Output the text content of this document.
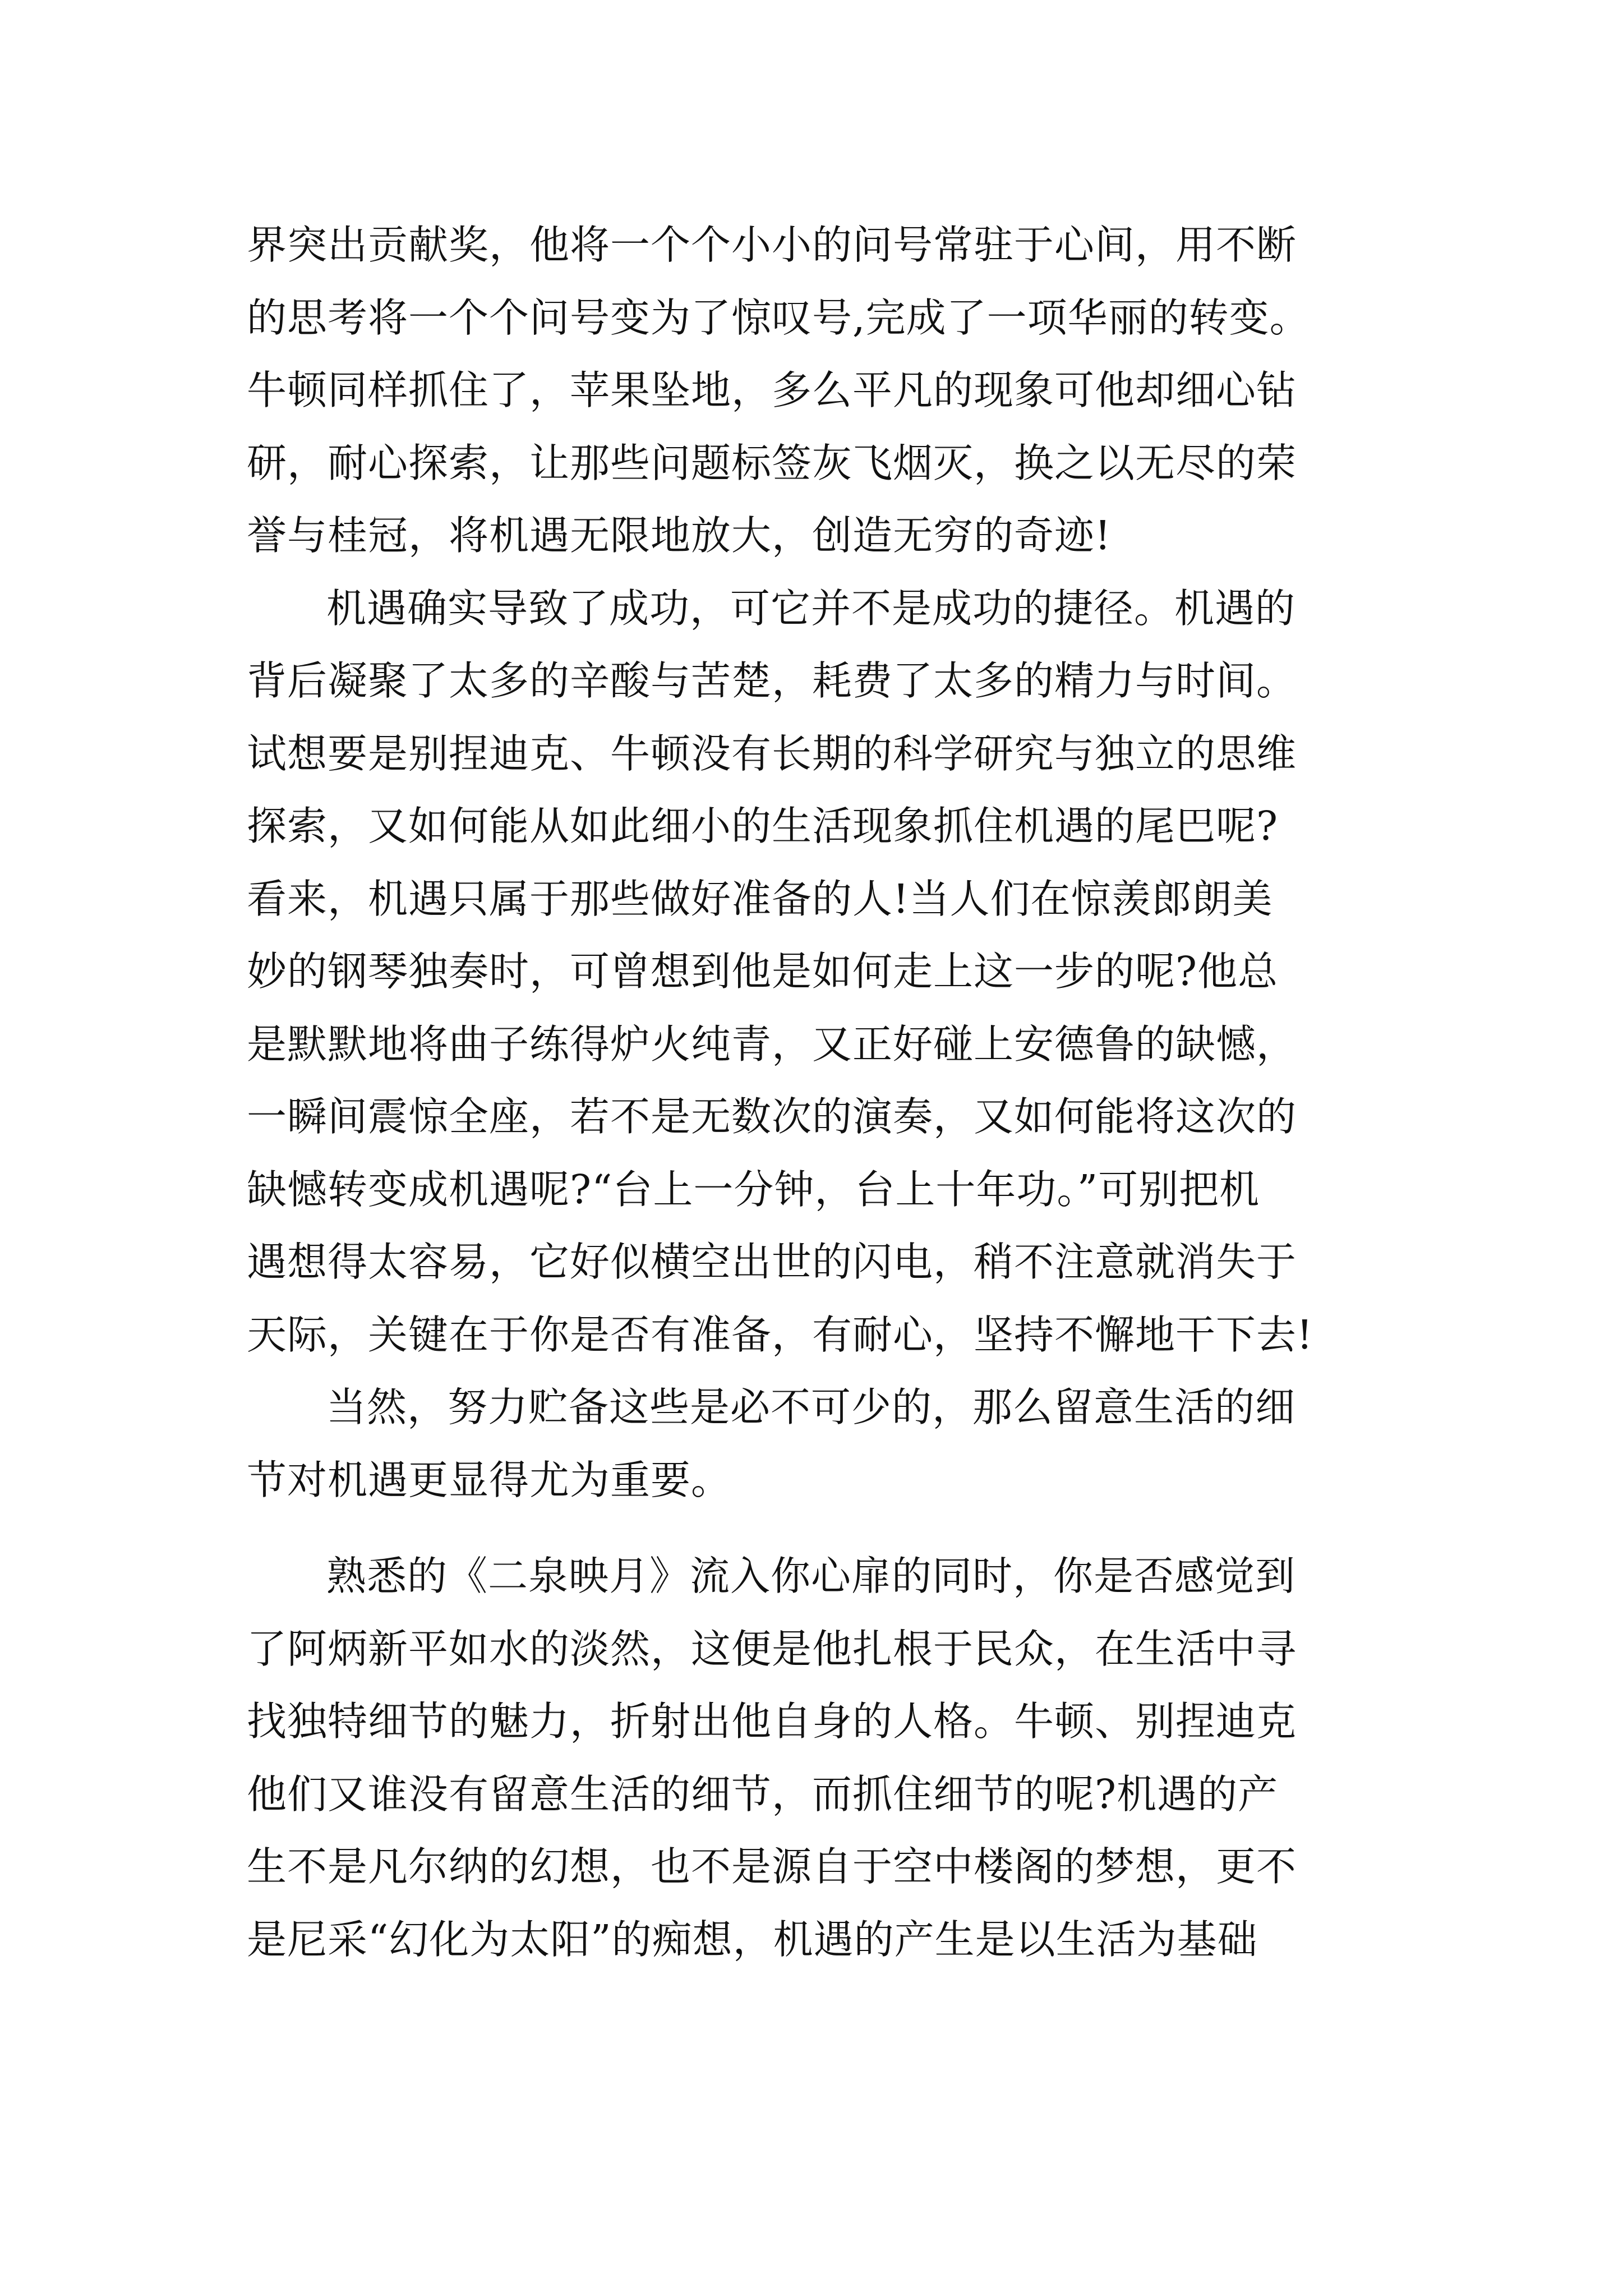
界突出贡献奖，他将一个个小小的问号常驻于心间，用不断
的思考将一个个问号变为了惊叹号,完成了一项华丽的转变。
牛顿同样抓住了，苹果坠地，多么平凡的现象可他却细心钻
研，耐心探索，让那些问题标签灰飞烟灭，换之以无尽的荣
誉与桂冠，将机遇无限地放大，创造无穷的奇迹!
机遇确实导致了成功，可它并不是成功的捷径。机遇的
背后凝聚了太多的辛酸与苦楚，耗费了太多的精力与时间。
试想要是别捏迪克、牛顿没有长期的科学研究与独立的思维
探索，又如何能从如此细小的生活现象抓住机遇的尾巴呢?
看来，机遇只属于那些做好准备的人!当人们在惊羡郎朗美
妙的钢琴独奏时，可曾想到他是如何走上这一步的呢?他总
是默默地将曲子练得炉火纯青，又正好碰上安德鲁的缺憾，
一瞬间震惊全座，若不是无数次的演奏，又如何能将这次的
缺憾转变成机遇呢?“台上一分钟，台上十年功。”可别把机
遇想得太容易，它好似横空出世的闪电，稍不注意就消失于
天际，关键在于你是否有准备，有耐心，坚持不懈地干下去!
当然，努力贮备这些是必不可少的，那么留意生活的细
节对机遇更显得尤为重要。
熟悉的《二泉映月》流入你心扉的同时，你是否感觉到
了阿炳新平如水的淡然，这便是他扎根于民众，在生活中寻
找独特细节的魅力，折射出他自身的人格。牛顿、别捏迪克
他们又谁没有留意生活的细节，而抓住细节的呢?机遇的产
生不是凡尔纳的幻想，也不是源自于空中楼阁的梦想，更不
是尼采“幻化为太阳”的痴想，机遇的产生是以生活为基础
